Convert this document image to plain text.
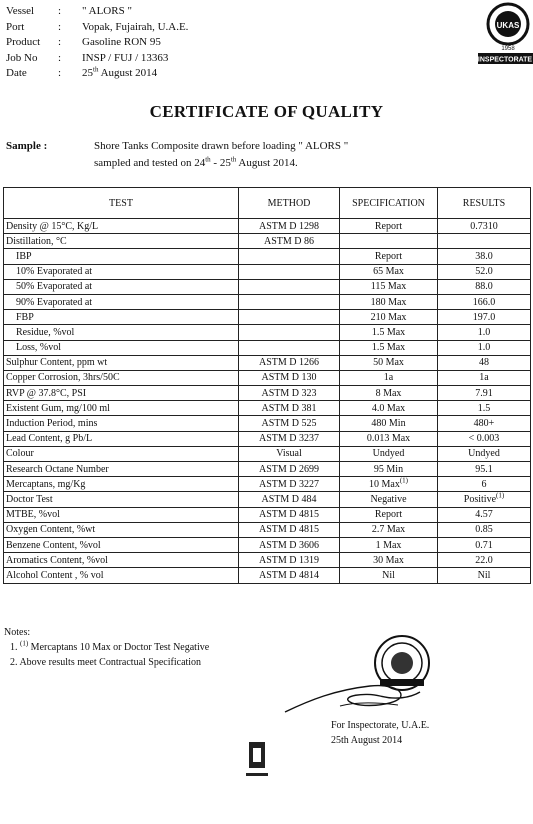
Vessel	:	" ALORS "
Port	:	Vopak, Fujairah, U.A.E.
Product	:	Gasoline RON 95
Job No	:	INSP / FUJ / 13363
Date	:	25th August 2014
UKAS
1958
INSPECTORATE
CERTIFICATE OF QUALITY
Sample :	Shore Tanks Composite drawn before loading " ALORS "
sampled and tested on 24th - 25th August 2014.
TEST	METHOD	SPECIFICATION	RESULTS
Density @ 15°C, Kg/L	ASTM D 1298	Report	0.7310
Distillation, °C	ASTM D 86		
IBP		Report	38.0
10% Evaporated at		65 Max	52.0
50% Evaporated at		115 Max	88.0
90% Evaporated at		180 Max	166.0
FBP		210 Max	197.0
Residue, %vol		1.5 Max	1.0
Loss, %vol		1.5 Max	1.0
Sulphur Content, ppm wt	ASTM D 1266	50 Max	48
Copper Corrosion, 3hrs/50C	ASTM D 130	1a	1a
RVP @ 37.8°C, PSI	ASTM D 323	8 Max	7.91
Existent Gum, mg/100 ml	ASTM D 381	4.0 Max	1.5
Induction Period, mins	ASTM D 525	480 Min	480+
Lead Content, g Pb/L	ASTM D 3237	0.013 Max	< 0.003
Colour	Visual	Undyed	Undyed
Research Octane Number	ASTM D 2699	95 Min	95.1
Mercaptans, mg/Kg	ASTM D 3227	10 Max$^{(1)}$	6
Doctor Test	ASTM D 484	Negative	Positive$^{(1)}$
MTBE, %vol	ASTM D 4815	Report	4.57
Oxygen Content, %wt	ASTM D 4815	2.7 Max	0.85
Benzene Content, %vol	ASTM D 3606	1 Max	0.71
Aromatics Content, %vol	ASTM D 1319	30 Max	22.0
Alcohol Content , % vol	ASTM D 4814	Nil	Nil
Notes:
1. $^{(1)}$ Mercaptans 10 Max or Doctor Test Negative
2. Above results meet Contractual Specification
For Inspectorate, U.A.E.
25th August 2014
